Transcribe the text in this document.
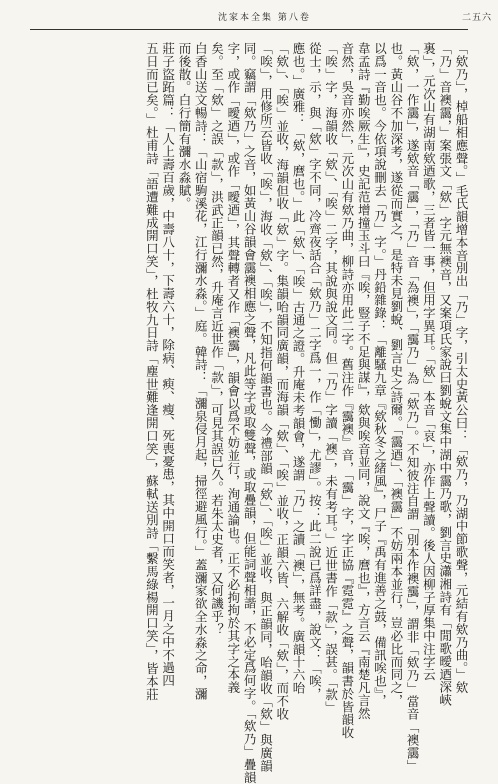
沈家本全集 第八卷	二五六
「欸乃」，棹船相應聲。」毛氏韻增本音別出「乃」字，引太史黃公曰：「欸乃，乃湖中節歌聲，元結有欸乃曲。」欸
「乃」音襖靄，」案張文「欸」字元無襖音，又案項氏家說曰劉蛻文集中湖中靄乃歌，劉言史瀟湘詩有「閒歌曖迺深峽
裏」，元次山有湖南欸迺歌，三者皆一事，但用字異耳。「欸」本音「哀」，亦作上聲讀。後人因柳子厚集中注字云
「欸，一作靄」，遂欸音「靄」，「乃」音「為襖」，「靄乃」為「欸乃」。不知彼注自謂「別本作襖靄」，謂非「欸乃」當音「襖靄」
也。黃山谷不加深考，遂從而實之，是特未見劉蛻、劉言史之詩爾。「靄迺」、「襖靄」不妨兩本並行，豈必比而同之，
以爲一音也。今依項說刪去「乃」字。」丹鉛雜錄：「離騷九章『欸秋冬之緒風』，尸子『禹有進善之鼓，備訊唉也』，
韋孟詩『勤唉厥生』，史記范增撞玉斗曰『唉，豎子不足與謀』，欸與唉音並同，說文『唉，麿也』，方言云『南楚凡言然
音然，吳音亦然」，元次山有欸乃曲，柳詩亦用此二字。舊注作『靄襖』音，「靄」字，字正協『霓霓』之聲，韻書於皆韻收
「唉」字，海韻收「欸」、「唉」二字，其說與說文同。但「乃」字讀「襖」，未有考耳。」近世書作「款」，誤甚。「款」
從士，示，與「欸」字不同，冷齊夜話合「欸乃」二字爲一，作「慟」，尤謬」。按：此二說已爲詳盡，說文：「唉，
應也。」廣雅：「欸，麿也。」此「欸」、「唉」古通之證。升庵未考韻會，遂謂「乃」之讀「襖」，無考。廣韻十六咍
「欸」、「唉」並收，海韻但收「欸」字。集韻咍韻同廣韻，而海韻「欸」、「唉」並收，正韻六皆、六解收「欸」，而不收
「唉」，用修所云皆收「唉」，海收「欸」、「唉」，不知指何韻書也。今禮部韻「欸」、「唉」並收，與正韻同，咍韻收「欸」與廣韻
同。竊謂「欸乃」之音，如黃山谷韻會靄襖相應之聲，凡此等字或取雙聲，或取疊韻，但能詞聲相諧，不必定爲何字。「欸乃」疊韻
字，或作「曖迺」，或作「曖迺」，其聲轉者又作「襖靄」，韻會以爲不妨並行，洵通論也。正不必拘拘於其字之本義
矣。至「欸」之誤「款」，洪武正韻已然，升庵言近世作「款」，可見其誤已久。若朱太史者，又何譏乎？
白香山送文暢詩：「山宿駒溪花，江行瀰水淼。」庭。韓詩：「瀰泉侵月起，掃徑避風行。」蓋瀰家欲全水淼之命，瀰
而後散。白行簡有瀰水淼賦。
莊子盜跖篇：「人上壽百歲，中壽八十，下壽六十，除病、瘐、瘦、死喪憂患，其中開口而笑者，一月之中不過四
五日而已矣。」杜甫詩「語遭難成開口笑」，杜牧九日詩「塵世難逢開口笑」，蘇軾送別詩「繫馬綠楊開口笑」，皆本莊
